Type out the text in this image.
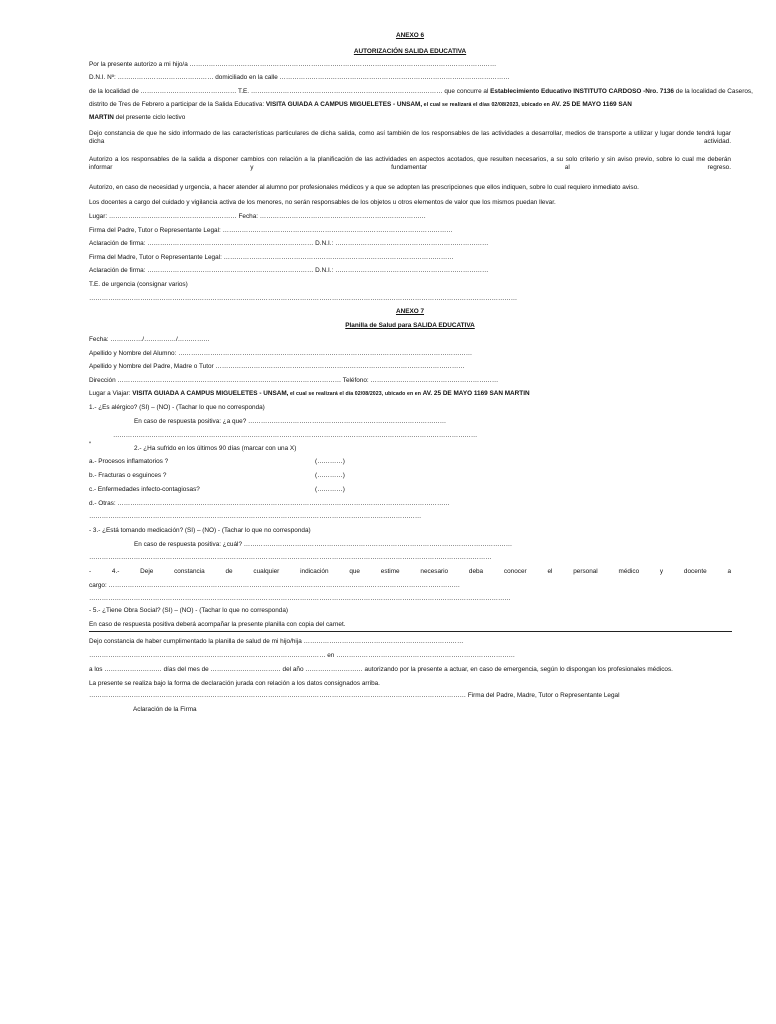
ANEXO 6
AUTORIZACIÓN SALIDA EDUCATIVA
Por la presente autorizo a mi hijo/a ………………………………………………………………………………………………………………………………
D.N.I. Nº: ……………………………………… domiciliado en la calle ………………………………………………………………………………………………
de la localidad de ……………………………………… T.E. ……………………………………………………………………………… que concurre al Establecimiento Educativo INSTITUTO CARDOSO -Nro. 7136 de la localidad de Caseros,
distrito de Tres de Febrero a participar de la Salida Educativa: VISITA GUIADA A CAMPUS MIGUELETES - UNSAM, el cual se realizará el días 02/08/2023, ubicado en AV. 25 DE MAYO 1169 SAN
MARTIN del presente ciclo lectivo
Dejo constancia de que he sido informado de las características particulares de dicha salida, como así también de los responsables de las actividades a desarrollar, medios de transporte a utilizar y lugar donde tendrá lugar dicha actividad.
Autorizo a los responsables de la salida a disponer cambios con relación a la planificación de las actividades en aspectos acotados, que resulten necesarios, a su solo criterio y sin aviso previo, sobre lo cual me deberán informar y fundamentar al regreso.
Autorizo, en caso de necesidad y urgencia, a hacer atender al alumno por profesionales médicos y a que se adopten las prescripciones que ellos indiquen, sobre lo cual requiero inmediato aviso.
Los docentes a cargo del cuidado y vigilancia activa de los menores, no serán responsables de los objetos u otros elementos de valor que los mismos puedan llevar.
Lugar: …………………………………………………… Fecha: ……………………………………………………………………
Firma del Padre, Tutor o Representante Legal: ………………………………………………………………………………………………
Aclaración de firma: …………………………………………………………………… D.N.I.: ………………………………………………………………
Firma del Madre, Tutor o Representante Legal: ………………………………………………………………………………………………
Aclaración de firma: …………………………………………………………………… D.N.I.: ………………………………………………………………
T.E. de urgencia (consignar varios)
…………………………………………………………………………………………………………………………………………………………………………………
ANEXO 7
Planilla de Salud para SALIDA EDUCATIVA
Fecha: ……………/……………/……………
Apellido y Nombre del Alumno: …………………………………………………………………………………………………………………………
Apellido y Nombre del Padre, Madre o Tutor ………………………………………………………………………………………………………
Dirección …………………………………………………………………………………………… Teléfono: ……………………………………………………
Lugar a Viajar: VISITA GUIADA A CAMPUS MIGUELETES - UNSAM, el cual se realizará el día 02/08/2023, ubicado en en AV. 25 DE MAYO 1169 SAN MARTIN
1.- ¿Es alérgico? (SI) – (NO) - (Tachar lo que no corresponda)
En caso de respuesta positiva: ¿a que? …………………………………………………………………………………
………………………………………………………………………………………………………………………………………………………
“
2.- ¿Ha sufrido en los últimos 90 días (marcar con una X)
a.- Procesos inflamatorios ?	(…………)
b.- Fracturas o esguinces ?	(…………)
c.- Enfermedades infecto-contagiosas?	(…………)
d.- Otras: …………………………………………………………………………………………………………………………………………
…………………………………………………………………………………………………………………………………………
- 3.- ¿Está tomando medicación? (SI) – (NO) - (Tachar lo que no corresponda)
En caso de respuesta positiva: ¿cuál? ………………………………………………………………………………………………………………
………………………………………………………………………………………………………………………………………………………………………
- 4.- Deje constancia de cualquier indicación que estime necesario deba conocer el personal médico y docente a
cargo: …………………………………………………………………………………………………………………………………………………
………………………………………………………………………………………………………………………………………………………………………………
- 5.- ¿Tiene Obra Social? (SI) – (NO) - (Tachar lo que no corresponda)
En caso de respuesta positiva deberá acompañar la presente planilla con copia del carnet.
Dejo constancia de haber cumplimentado la planilla de salud de mi hijo/hija …………………………………………………………………
………………………………………………………………………………………………… en …………………………………………………………………………
a los ……………………… días del mes de …………………………… del año ……………………… autorizando por la presente a actuar, en caso de emergencia, según lo dispongan los profesionales médicos.
La presente se realiza bajo la forma de declaración jurada con relación a los datos consignados arriba.
…………………………………………………………………………………………………………………………………………………………… Firma del Padre, Madre, Tutor o Representante Legal
Aclaración de la Firma
